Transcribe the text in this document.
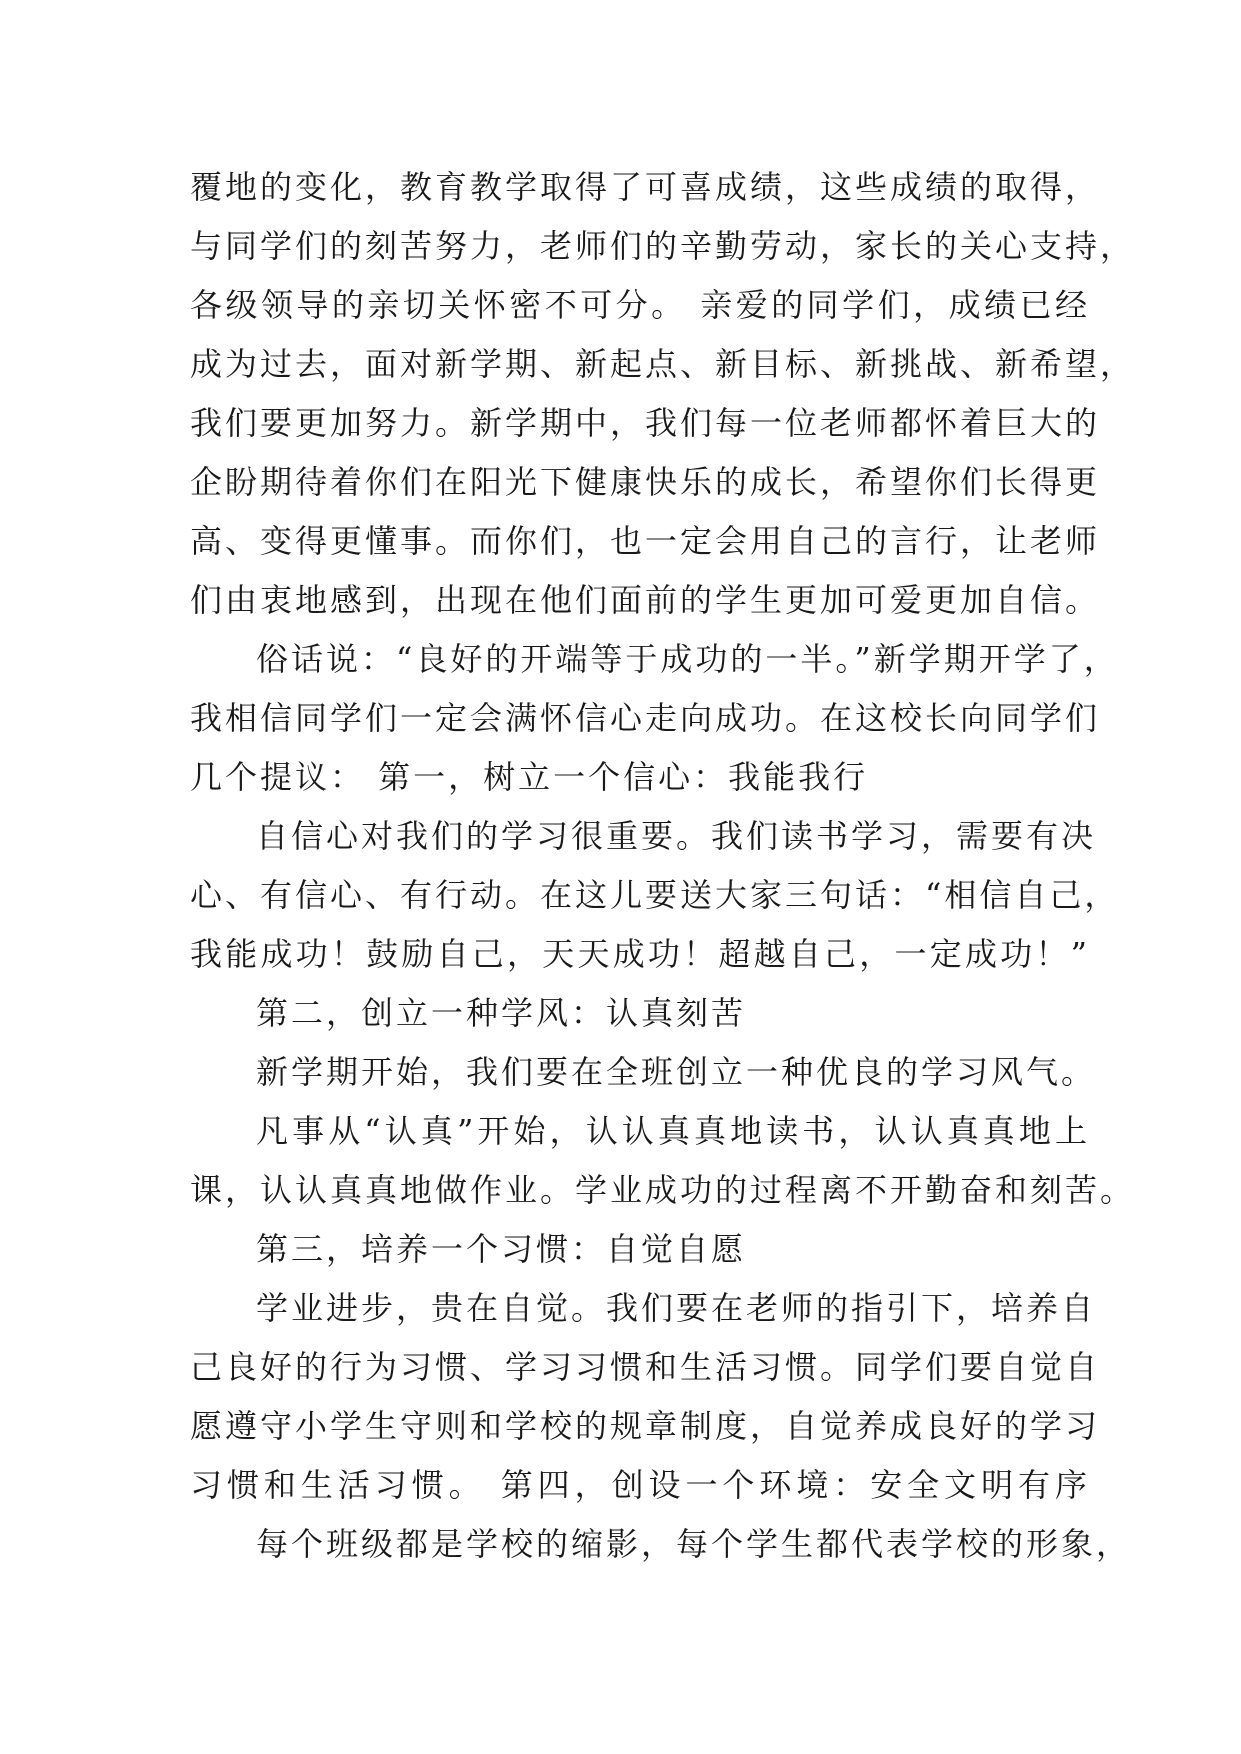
覆地的变化，教育教学取得了可喜成绩，这些成绩的取得，
与同学们的刻苦努力，老师们的辛勤劳动，家长的关心支持，
各级领导的亲切关怀密不可分。 亲爱的同学们，成绩已经
成为过去，面对新学期、新起点、新目标、新挑战、新希望，
我们要更加努力。新学期中，我们每一位老师都怀着巨大的
企盼期待着你们在阳光下健康快乐的成长，希望你们长得更
高、变得更懂事。而你们，也一定会用自己的言行，让老师
们由衷地感到，出现在他们面前的学生更加可爱更加自信。
俗话说：“良好的开端等于成功的一半。”新学期开学了，
我相信同学们一定会满怀信心走向成功。在这校长向同学们
几个提议： 第一，树立一个信心：我能我行
自信心对我们的学习很重要。我们读书学习，需要有决
心、有信心、有行动。在这儿要送大家三句话：“相信自己，
我能成功！鼓励自己，天天成功！超越自己，一定成功！”
第二，创立一种学风：认真刻苦
新学期开始，我们要在全班创立一种优良的学习风气。
凡事从“认真”开始，认认真真地读书，认认真真地上
课，认认真真地做作业。学业成功的过程离不开勤奋和刻苦。
第三，培养一个习惯：自觉自愿
学业进步，贵在自觉。我们要在老师的指引下，培养自
己良好的行为习惯、学习习惯和生活习惯。同学们要自觉自
愿遵守小学生守则和学校的规章制度，自觉养成良好的学习
习惯和生活习惯。 第四，创设一个环境：安全文明有序
每个班级都是学校的缩影，每个学生都代表学校的形象，
